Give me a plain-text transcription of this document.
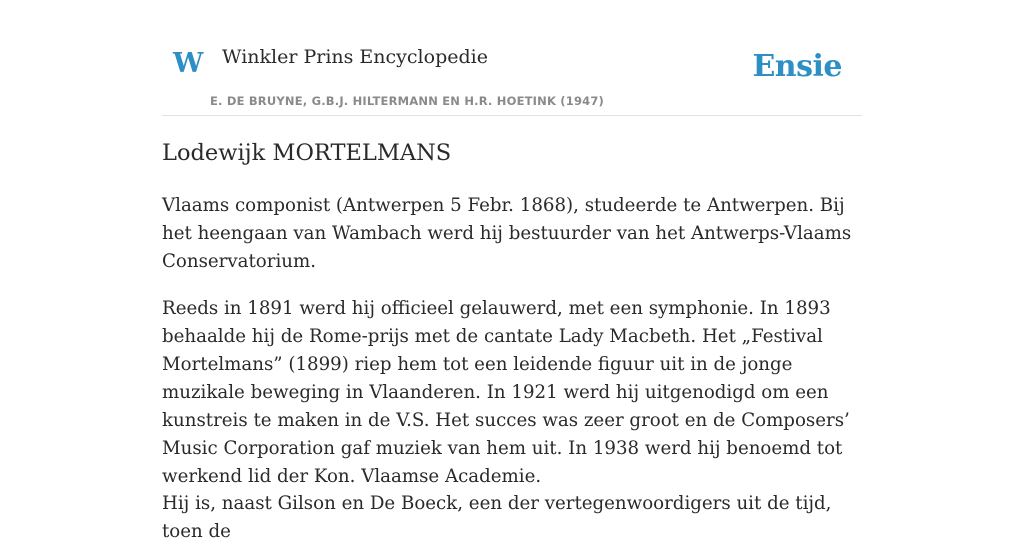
W Winkler Prins Encyclopedie
E. DE BRUYNE, G.B.J. HILTERMANN EN H.R. HOETINK (1947)
Ensie
Lodewijk MORTELMANS

Vlaams componist (Antwerpen 5 Febr. 1868), studeerde te Antwerpen. Bij het heengaan van Wambach werd hij bestuurder van het Antwerps-Vlaams Conservatorium.

Reeds in 1891 werd hij officieel gelauwerd, met een symphonie. In 1893 behaalde hij de Rome-prijs met de cantate Lady Macbeth. Het „Festival Mortelmans” (1899) riep hem tot een leidende figuur uit in de jonge muzikale beweging in Vlaanderen. In 1921 werd hij uitgenodigd om een kunstreis te maken in de V.S. Het succes was zeer groot en de Composers’ Music Corporation gaf muziek van hem uit. In 1938 werd hij benoemd tot werkend lid der Kon. Vlaamse Academie.

Hij is, naast Gilson en De Boeck, een der vertegenwoordigers uit de tijd, toen de
